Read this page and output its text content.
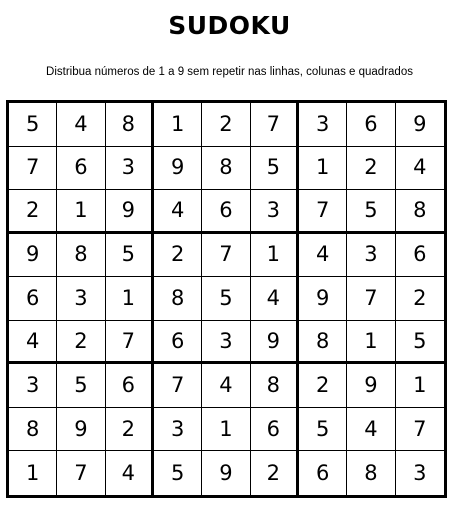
SUDOKU
Distribua números de 1 a 9 sem repetir nas linhas, colunas e quadrados
5	4	8	1	2	7	3	6	9
7	6	3	9	8	5	1	2	4
2	1	9	4	6	3	7	5	8
9	8	5	2	7	1	4	3	6
6	3	1	8	5	4	9	7	2
4	2	7	6	3	9	8	1	5
3	5	6	7	4	8	2	9	1
8	9	2	3	1	6	5	4	7
1	7	4	5	9	2	6	8	3
